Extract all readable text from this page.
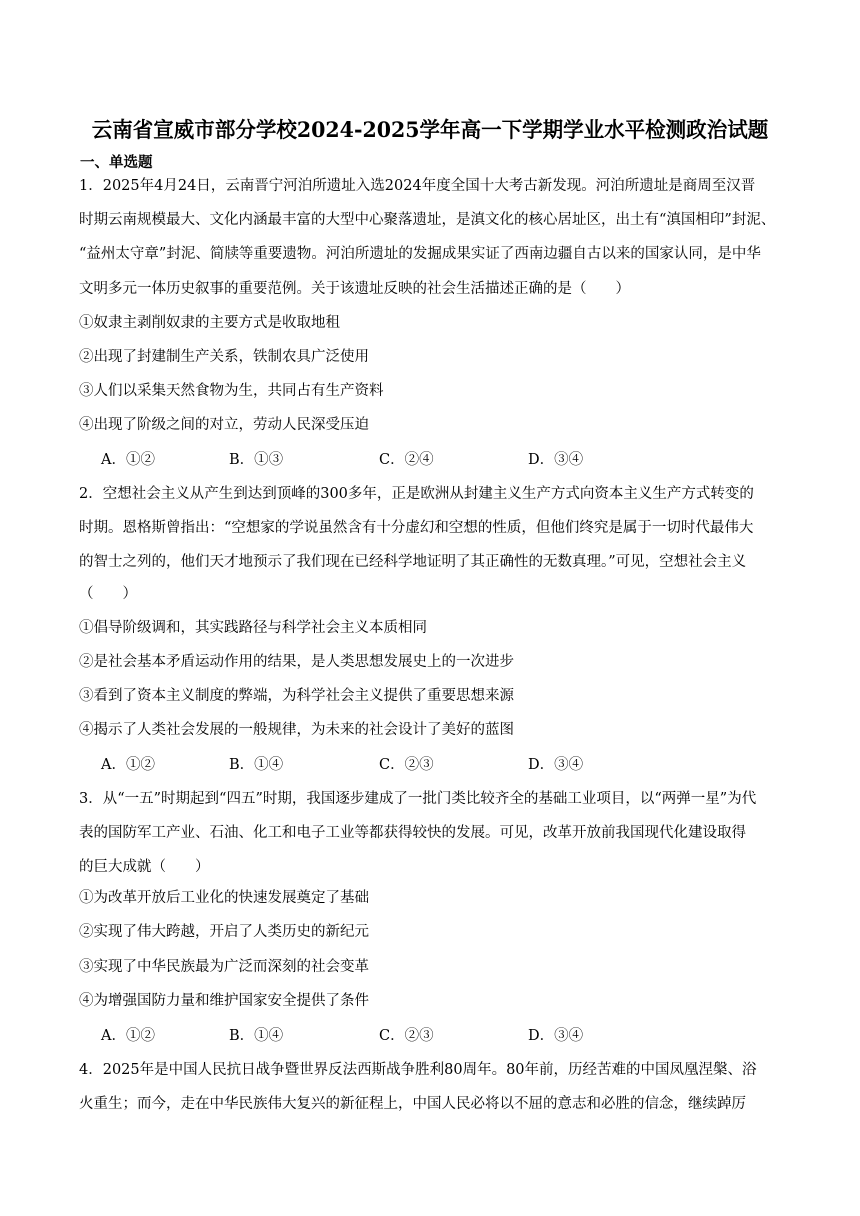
云南省宣威市部分学校2024-2025学年高一下学期学业水平检测政治试题
一、单选题
1．2025年4月24日，云南晋宁河泊所遗址入选2024年度全国十大考古新发现。河泊所遗址是商周至汉晋
时期云南规模最大、文化内涵最丰富的大型中心聚落遗址，是滇文化的核心居址区，出土有“滇国相印”封泥、
“益州太守章”封泥、简牍等重要遗物。河泊所遗址的发掘成果实证了西南边疆自古以来的国家认同，是中华
文明多元一体历史叙事的重要范例。关于该遗址反映的社会生活描述正确的是（　　）
①奴隶主剥削奴隶的主要方式是收取地租
②出现了封建制生产关系，铁制农具广泛使用
③人们以采集天然食物为生，共同占有生产资料
④出现了阶级之间的对立，劳动人民深受压迫
A．①②	B．①③	C．②④	D．③④
2．空想社会主义从产生到达到顶峰的300多年，正是欧洲从封建主义生产方式向资本主义生产方式转变的
时期。恩格斯曾指出：“空想家的学说虽然含有十分虚幻和空想的性质，但他们终究是属于一切时代最伟大
的智士之列的，他们天才地预示了我们现在已经科学地证明了其正确性的无数真理。”可见，空想社会主义
（　　）
①倡导阶级调和，其实践路径与科学社会主义本质相同
②是社会基本矛盾运动作用的结果，是人类思想发展史上的一次进步
③看到了资本主义制度的弊端，为科学社会主义提供了重要思想来源
④揭示了人类社会发展的一般规律，为未来的社会设计了美好的蓝图
A．①②	B．①④	C．②③	D．③④
3．从“一五”时期起到“四五”时期，我国逐步建成了一批门类比较齐全的基础工业项目，以“两弹一星”为代
表的国防军工产业、石油、化工和电子工业等都获得较快的发展。可见，改革开放前我国现代化建设取得
的巨大成就（　　）
①为改革开放后工业化的快速发展奠定了基础
②实现了伟大跨越，开启了人类历史的新纪元
③实现了中华民族最为广泛而深刻的社会变革
④为增强国防力量和维护国家安全提供了条件
A．①②	B．①④	C．②③	D．③④
4．2025年是中国人民抗日战争暨世界反法西斯战争胜利80周年。80年前，历经苦难的中国凤凰涅槃、浴
火重生；而今，走在中华民族伟大复兴的新征程上，中国人民必将以不屈的意志和必胜的信念，继续踔厉
